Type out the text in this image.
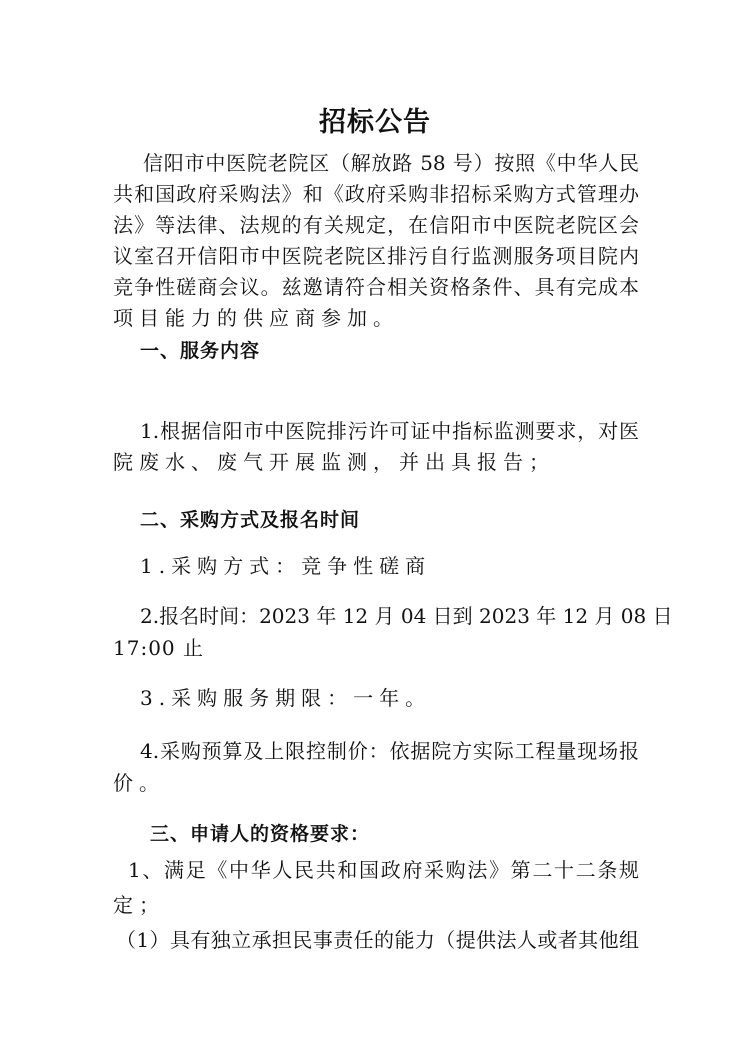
招标公告
信阳市中医院老院区（解放路 58 号）按照《中华人民
共和国政府采购法》和《政府采购非招标采购方式管理办
法》等法律、法规的有关规定，在信阳市中医院老院区会
议室召开信阳市中医院老院区排污自行监测服务项目院内
竞争性磋商会议。兹邀请符合相关资格条件、具有完成本
项目能力的供应商参加。
一、服务内容
1.根据信阳市中医院排污许可证中指标监测要求，对医
院废水、废气开展监测，并出具报告；
二、采购方式及报名时间
1.采购方式：竞争性磋商
2.报名时间：2023 年 12 月 04 日到 2023 年 12 月 08 日
17:00 止
3.采购服务期限：一年。
4.采购预算及上限控制价：依据院方实际工程量现场报
价。
三、申请人的资格要求：
1、满足《中华人民共和国政府采购法》第二十二条规
定；
（1）具有独立承担民事责任的能力（提供法人或者其他组
